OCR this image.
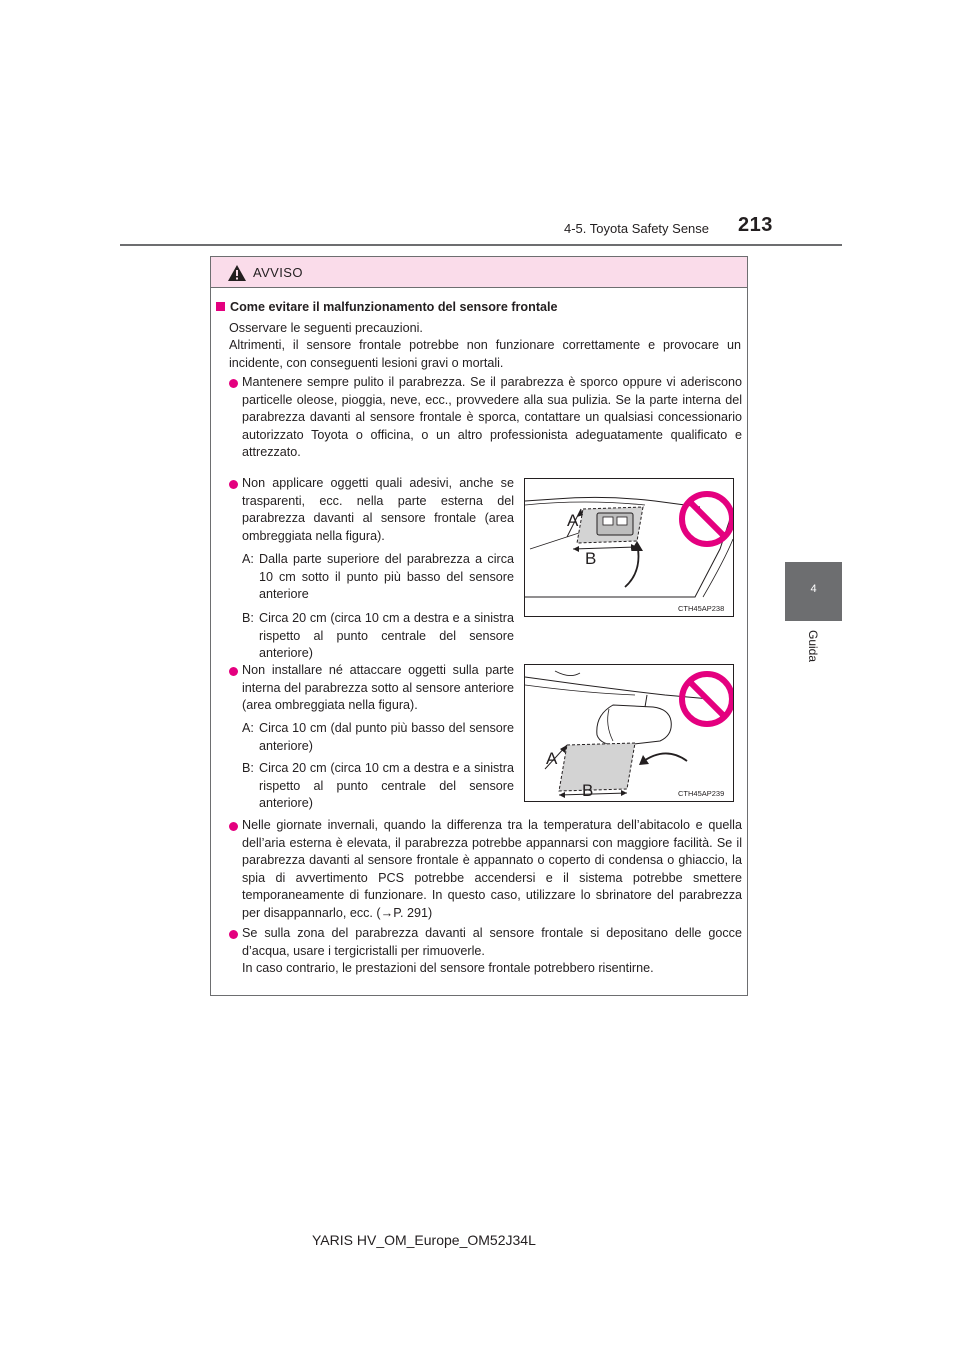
4-5. Toyota Safety Sense 213
4
Guida
AVVISO
Come evitare il malfunzionamento del sensore frontale
Osservare le seguenti precauzioni.
Altrimenti, il sensore frontale potrebbe non funzionare correttamente e provocare un incidente, con conseguenti lesioni gravi o mortali.
Mantenere sempre pulito il parabrezza. Se il parabrezza è sporco oppure vi aderiscono particelle oleose, pioggia, neve, ecc., provvedere alla sua pulizia. Se la parte interna del parabrezza davanti al sensore frontale è sporca, contattare un qualsiasi concessionario autorizzato Toyota o officina, o un altro professionista adeguatamente qualificato e attrezzato.
Non applicare oggetti quali adesivi, anche se trasparenti, ecc. nella parte esterna del parabrezza davanti al sensore frontale (area ombreggiata nella figura).
A: Dalla parte superiore del parabrezza a circa 10 cm sotto il punto più basso del sensore anteriore
B: Circa 20 cm (circa 10 cm a destra e a sinistra rispetto al punto centrale del sensore anteriore)
A
B
CTH45AP238
Non installare né attaccare oggetti sulla parte interna del parabrezza sotto al sensore anteriore (area ombreggiata nella figura).
A: Circa 10 cm (dal punto più basso del sensore anteriore)
B: Circa 20 cm (circa 10 cm a destra e a sinistra rispetto al punto centrale del sensore anteriore)
A
B	CTH45AP239
Nelle giornate invernali, quando la differenza tra la temperatura dell’abitacolo e quella dell’aria esterna è elevata, il parabrezza potrebbe appannarsi con maggiore facilità. Se il parabrezza davanti al sensore frontale è appannato o coperto di condensa o ghiaccio, la spia di avvertimento PCS potrebbe accendersi e il sistema potrebbe smettere temporaneamente di funzionare. In questo caso, utilizzare lo sbrinatore del parabrezza per disappannarlo, ecc. (→P. 291)
Se sulla zona del parabrezza davanti al sensore frontale si depositano delle gocce d’acqua, usare i tergicristalli per rimuoverle.
In caso contrario, le prestazioni del sensore frontale potrebbero risentirne.
YARIS HV_OM_Europe_OM52J34L
